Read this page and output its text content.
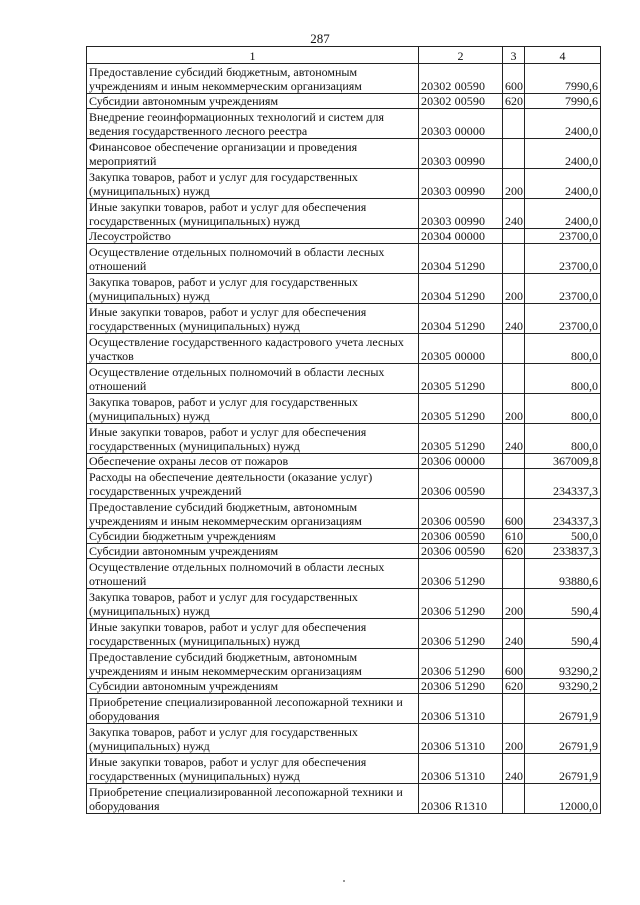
287
1	2	3	4
Предоставление субсидий бюджетным, автономным учреждениям и иным некоммерческим организациям	20302 00590	600	7990,6
Субсидии автономным учреждениям	20302 00590	620	7990,6
Внедрение геоинформационных технологий и систем для ведения государственного лесного реестра	20303 00000		2400,0
Финансовое обеспечение организации и проведения мероприятий	20303 00990		2400,0
Закупка товаров, работ и услуг для государственных (муниципальных) нужд	20303 00990	200	2400,0
Иные закупки товаров, работ и услуг для обеспечения государственных (муниципальных) нужд	20303 00990	240	2400,0
Лесоустройство	20304 00000		23700,0
Осуществление отдельных полномочий в области лесных отношений	20304 51290		23700,0
Закупка товаров, работ и услуг для государственных (муниципальных) нужд	20304 51290	200	23700,0
Иные закупки товаров, работ и услуг для обеспечения государственных (муниципальных) нужд	20304 51290	240	23700,0
Осуществление государственного кадастрового учета лесных участков	20305 00000		800,0
Осуществление отдельных полномочий в области лесных отношений	20305 51290		800,0
Закупка товаров, работ и услуг для государственных (муниципальных) нужд	20305 51290	200	800,0
Иные закупки товаров, работ и услуг для обеспечения государственных (муниципальных) нужд	20305 51290	240	800,0
Обеспечение охраны лесов от пожаров	20306 00000		367009,8
Расходы на обеспечение деятельности (оказание услуг) государственных учреждений	20306 00590		234337,3
Предоставление субсидий бюджетным, автономным учреждениям и иным некоммерческим организациям	20306 00590	600	234337,3
Субсидии бюджетным учреждениям	20306 00590	610	500,0
Субсидии автономным учреждениям	20306 00590	620	233837,3
Осуществление отдельных полномочий в области лесных отношений	20306 51290		93880,6
Закупка товаров, работ и услуг для государственных (муниципальных) нужд	20306 51290	200	590,4
Иные закупки товаров, работ и услуг для обеспечения государственных (муниципальных) нужд	20306 51290	240	590,4
Предоставление субсидий бюджетным, автономным учреждениям и иным некоммерческим организациям	20306 51290	600	93290,2
Субсидии автономным учреждениям	20306 51290	620	93290,2
Приобретение специализированной лесопожарной техники и оборудования	20306 51310		26791,9
Закупка товаров, работ и услуг для государственных (муниципальных) нужд	20306 51310	200	26791,9
Иные закупки товаров, работ и услуг для обеспечения государственных (муниципальных) нужд	20306 51310	240	26791,9
Приобретение специализированной лесопожарной техники и оборудования	20306 R1310		12000,0
